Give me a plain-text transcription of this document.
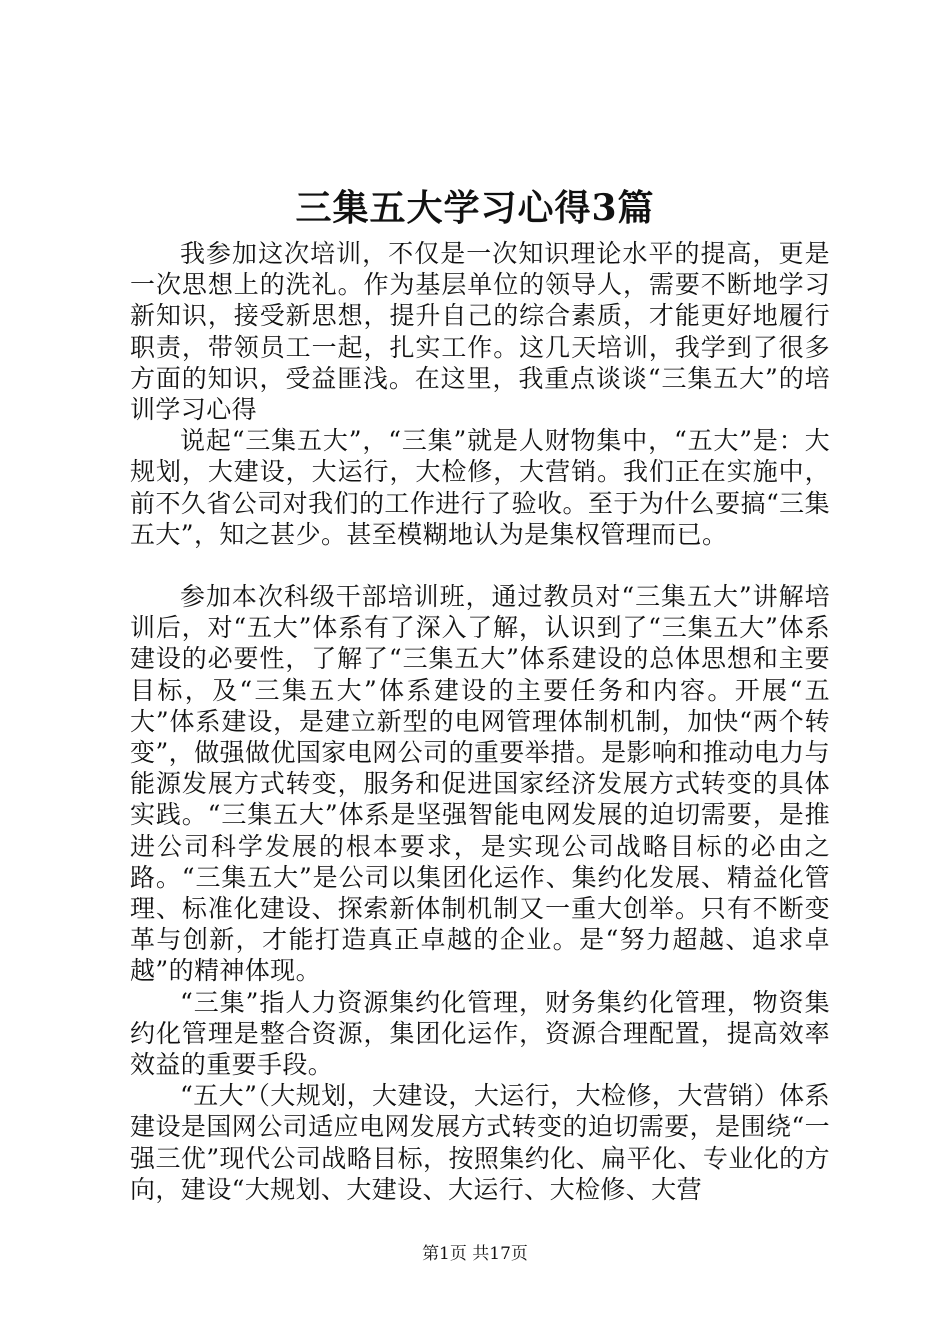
三集五大学习心得3篇

我参加这次培训，不仅是一次知识理论水平的提高，更是一次思想上的洗礼。作为基层单位的领导人，需要不断地学习新知识，接受新思想，提升自己的综合素质，才能更好地履行职责，带领员工一起，扎实工作。这几天培训，我学到了很多方面的知识，受益匪浅。在这里，我重点谈谈“三集五大”的培训学习心得

说起“三集五大”，“三集”就是人财物集中，“五大”是：大规划，大建设，大运行，大检修，大营销。我们正在实施中，前不久省公司对我们的工作进行了验收。至于为什么要搞“三集五大”，知之甚少。甚至模糊地认为是集权管理而已。

参加本次科级干部培训班，通过教员对“三集五大”讲解培训后，对“五大”体系有了深入了解，认识到了“三集五大”体系建设的必要性，了解了“三集五大”体系建设的总体思想和主要目标，及“三集五大”体系建设的主要任务和内容。开展“五大”体系建设，是建立新型的电网管理体制机制，加快“两个转变”，做强做优国家电网公司的重要举措。是影响和推动电力与能源发展方式转变，服务和促进国家经济发展方式转变的具体实践。“三集五大”体系是坚强智能电网发展的迫切需要，是推进公司科学发展的根本要求，是实现公司战略目标的必由之路。“三集五大”是公司以集团化运作、集约化发展、精益化管理、标准化建设、探索新体制机制又一重大创举。只有不断变革与创新，才能打造真正卓越的企业。是“努力超越、追求卓越”的精神体现。

“三集”指人力资源集约化管理，财务集约化管理，物资集约化管理是整合资源，集团化运作，资源合理配置，提高效率效益的重要手段。

“五大”（大规划，大建设，大运行，大检修，大营销）体系建设是国网公司适应电网发展方式转变的迫切需要，是围绕“一强三优”现代公司战略目标，按照集约化、扁平化、专业化的方向，建设“大规划、大建设、大运行、大检修、大营

第1页 共17页
